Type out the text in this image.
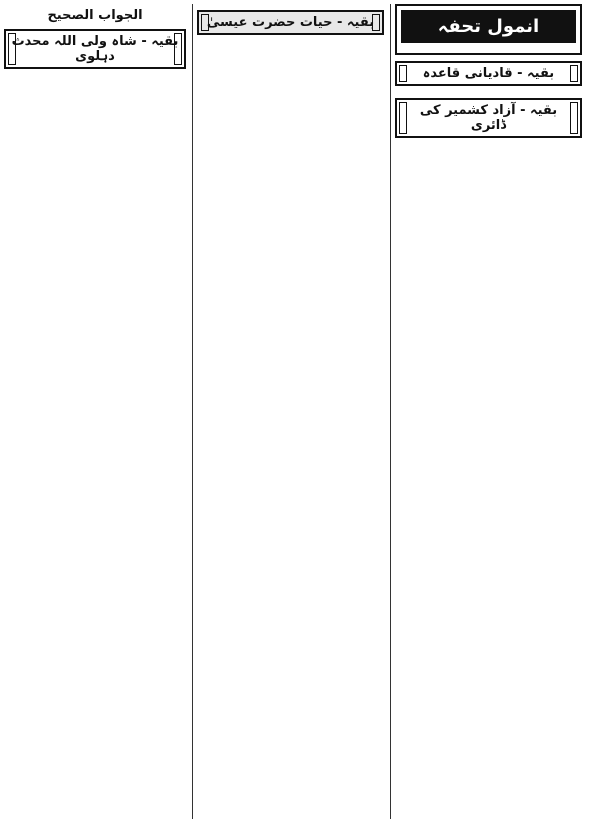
انمول تحفہ
بقیہ - قادیانی قاعدہ
بقیہ - آزاد کشمیر کی ڈائری
بقیہ - حیات حضرت عیسیٰ
الجواب الصحیح
بقیہ - شاہ ولی اللہ محدث دہلوی
